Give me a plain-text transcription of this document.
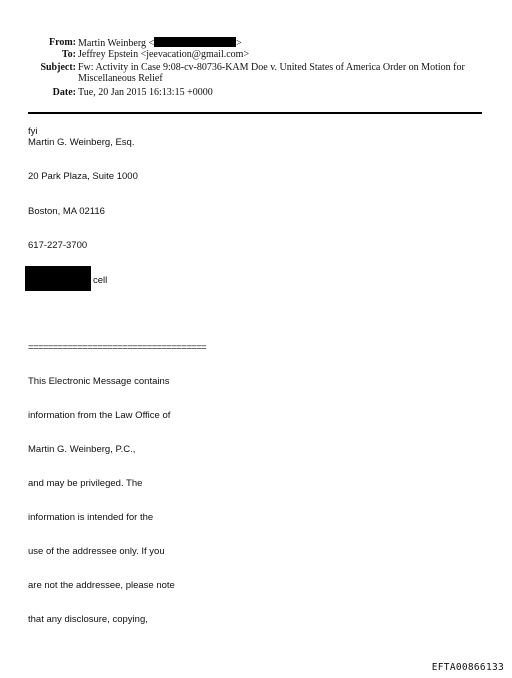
From: Martin Weinberg <	>
To: Jeffrey Epstein <jeevacation@gmail.com>
Subject: Fw: Activity in Case 9:08-cv-80736-KAM Doe v. United States of America Order on Motion for
Miscellaneous Relief
Date: Tue, 20 Jan 2015 16:13:15 +0000
fyi
Martin G. Weinberg, Esq.
20 Park Plaza, Suite 1000
Boston, MA 02116
617-227-3700
cell
====================================
This Electronic Message contains
information from the Law Office of
Martin G. Weinberg, P.C.,
and may be privileged. The
information is intended for the
use of the addressee only. If you
are not the addressee, please note
that any disclosure, copying,
EFTA00866133
